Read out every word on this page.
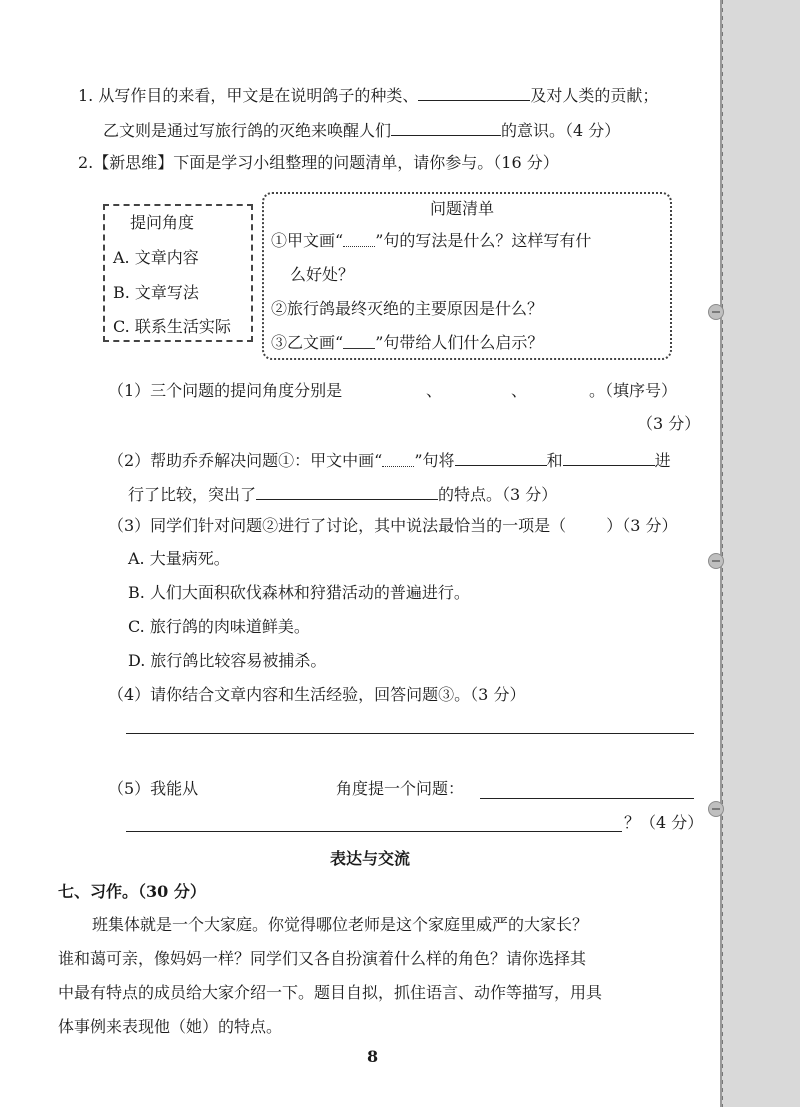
1. 从写作目的来看，甲文是在说明鸽子的种类、	及对人类的贡献；
乙文则是通过写旅行鸽的灭绝来唤醒人们	的意识。（4 分）
2.【新思维】下面是学习小组整理的问题清单，请你参与。（16 分）
提问角度
A. 文章内容
B. 文章写法
C. 联系生活实际
问题清单
①甲文画“ ”句的写法是什么？这样写有什
么好处？
②旅行鸽最终灭绝的主要原因是什么？
③乙文画“ ”句带给人们什么启示？
（1）三个问题的提问角度分别是	、	、	。（填序号）
（3 分）
（2）帮助乔乔解决问题①：甲文中画“ ”句将	和	进
行了比较，突出了	的特点。（3 分）
（3）同学们针对问题②进行了讨论，其中说法最恰当的一项是（	）（3 分）
A. 大量病死。
B. 人们大面积砍伐森林和狩猎活动的普遍进行。
C. 旅行鸽的肉味道鲜美。
D. 旅行鸽比较容易被捕杀。
（4）请你结合文章内容和生活经验，回答问题③。（3 分）
（5）我能从	角度提一个问题：
？（4 分）
表达与交流
七、习作。（30 分）
班集体就是一个大家庭。你觉得哪位老师是这个家庭里威严的大家长？
谁和蔼可亲，像妈妈一样？同学们又各自扮演着什么样的角色？请你选择其
中最有特点的成员给大家介绍一下。题目自拟，抓住语言、动作等描写，用具
体事例来表现他（她）的特点。
8
